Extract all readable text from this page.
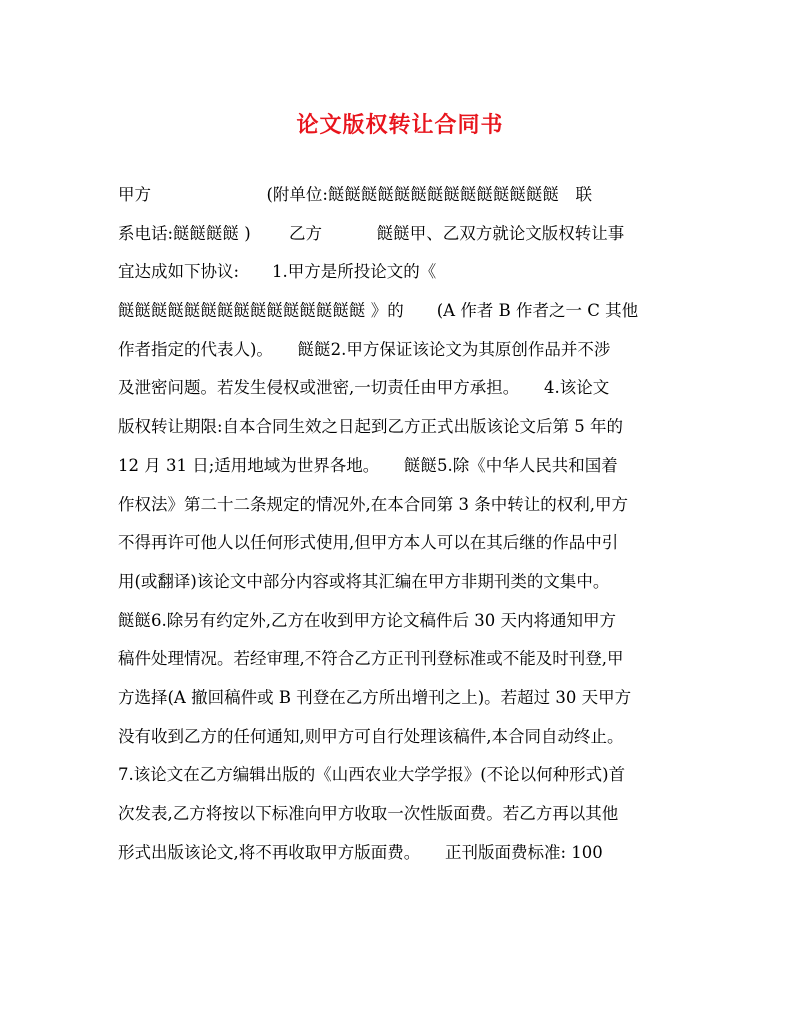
论文版权转让合同书
甲方　　　　　　　(附单位:餸餸餸餸餸餸餸餸餸餸餸餸餸餸　联
系电话:餸餸餸餸 )　　 乙方　　　 餸餸甲、乙双方就论文版权转让事
宜达成如下协议:　　1.甲方是所投论文的《
餸餸餸餸餸餸餸餸餸餸餸餸餸餸餸 》的　　(A 作者 B 作者之一 C 其他
作者指定的代表人)。　　餸餸2.甲方保证该论文为其原创作品并不涉
及泄密问题。若发生侵权或泄密,一切责任由甲方承担。　　4.该论文
版权转让期限:自本合同生效之日起到乙方正式出版该论文后第 5 年的
12 月 31 日;适用地域为世界各地。　　餸餸5.除《中华人民共和国着
作权法》第二十二条规定的情况外,在本合同第 3 条中转让的权利,甲方
不得再许可他人以任何形式使用,但甲方本人可以在其后继的作品中引
用(或翻译)该论文中部分内容或将其汇编在甲方非期刊类的文集中。
餸餸6.除另有约定外,乙方在收到甲方论文稿件后 30 天内将通知甲方
稿件处理情况。若经审理,不符合乙方正刊刊登标准或不能及时刊登,甲
方选择(A 撤回稿件或 B 刊登在乙方所出增刊之上)。若超过 30 天甲方
没有收到乙方的任何通知,则甲方可自行处理该稿件,本合同自动终止。
7.该论文在乙方编辑出版的《山西农业大学学报》(不论以何种形式)首
次发表,乙方将按以下标准向甲方收取一次性版面费。若乙方再以其他
形式出版该论文,将不再收取甲方版面费。　　正刊版面费标准: 100
